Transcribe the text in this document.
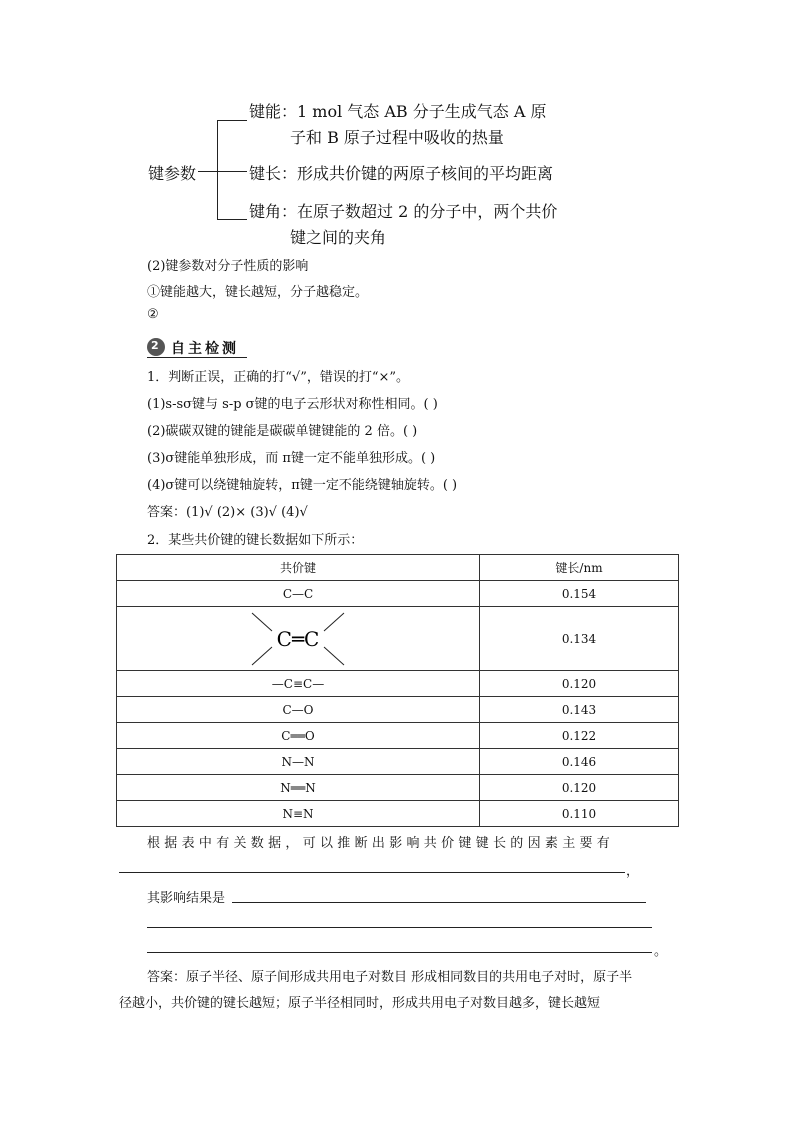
键参数
键能：1 mol 气态 AB 分子生成气态 A 原
子和 B 原子过程中吸收的热量
键长：形成共价键的两原子核间的平均距离
键角：在原子数超过 2 的分子中，两个共价
键之间的夹角
(2)键参数对分子性质的影响
①键能越大，键长越短，分子越稳定。
②
2 自主检测
1．判断正误，正确的打“√”，错误的打“×”。
(1)s-sσ键与 s-p σ键的电子云形状对称性相同。( )
(2)碳碳双键的键能是碳碳单键键能的 2 倍。( )
(3)σ键能单独形成，而 π键一定不能单独形成。( )
(4)σ键可以绕键轴旋转，π键一定不能绕键轴旋转。( )
答案：(1)√ (2)× (3)√ (4)√
2．某些共价键的键长数据如下所示：
共价键	键长/nm
C—C	0.154

C═C	0.134
—C≡C—	0.120
C—O	0.143
C══O	0.122
N—N	0.146
N══N	0.120
N≡N	0.110
根据表中有关数据，可以推断出影响共价键键长的因素主要有
，
其影响结果是
。
答案：原子半径、原子间形成共用电子对数目 形成相同数目的共用电子对时，原子半
径越小，共价键的键长越短；原子半径相同时，形成共用电子对数目越多，键长越短
